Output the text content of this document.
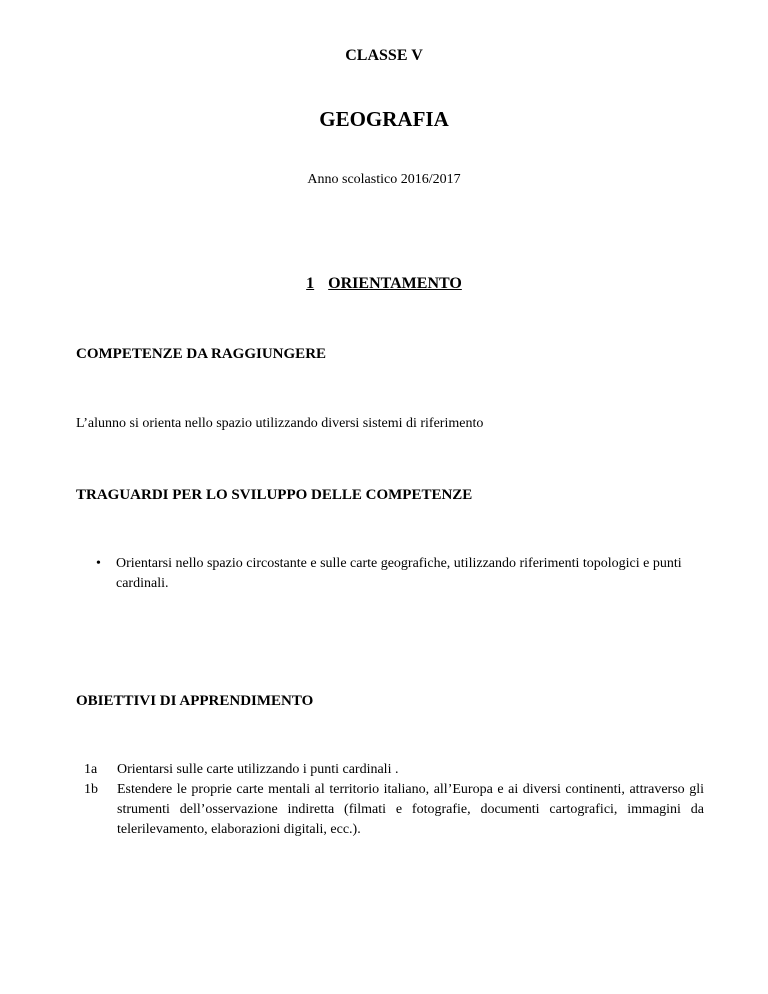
CLASSE V
GEOGRAFIA
Anno scolastico 2016/2017
1 ORIENTAMENTO
COMPETENZE DA RAGGIUNGERE
L’alunno si orienta nello spazio utilizzando diversi sistemi di riferimento
TRAGUARDI PER LO SVILUPPO DELLE COMPETENZE
•	Orientarsi nello spazio circostante e sulle carte geografiche, utilizzando riferimenti topologici e punti cardinali.
OBIETTIVI DI APPRENDIMENTO
1a Orientarsi sulle carte utilizzando i punti cardinali .
1b Estendere le proprie carte mentali al territorio italiano, all’Europa e ai diversi continenti, attraverso gli strumenti dell’osservazione indiretta (filmati e fotografie, documenti cartografici, immagini da telerilevamento, elaborazioni digitali, ecc.).
